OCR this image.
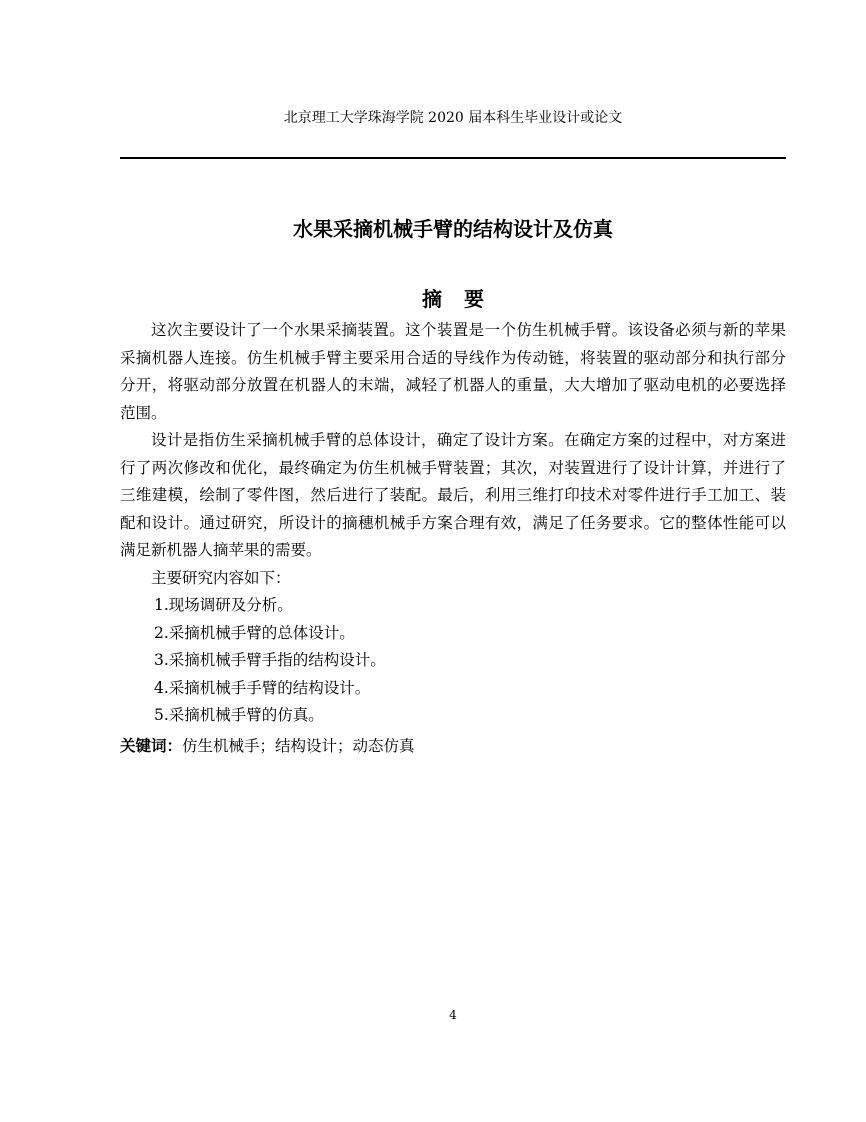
北京理工大学珠海学院 2020 届本科生毕业设计或论文
水果采摘机械手臂的结构设计及仿真
摘要

这次主要设计了一个水果采摘装置。这个装置是一个仿生机械手臂。该设备必须与新的苹果采摘机器人连接。仿生机械手臂主要采用合适的导线作为传动链，将装置的驱动部分和执行部分分开，将驱动部分放置在机器人的末端，减轻了机器人的重量，大大增加了驱动电机的必要选择范围。

设计是指仿生采摘机械手臂的总体设计，确定了设计方案。在确定方案的过程中，对方案进行了两次修改和优化，最终确定为仿生机械手臂装置；其次，对装置进行了设计计算，并进行了三维建模，绘制了零件图，然后进行了装配。最后，利用三维打印技术对零件进行手工加工、装配和设计。通过研究，所设计的摘穗机械手方案合理有效，满足了任务要求。它的整体性能可以满足新机器人摘苹果的需要。

主要研究内容如下：

1.现场调研及分析。
2.采摘机械手臂的总体设计。
3.采摘机械手臂手指的结构设计。
4.采摘机械手手臂的结构设计。
5.采摘机械手臂的仿真。

关键词：仿生机械手；结构设计；动态仿真

4
